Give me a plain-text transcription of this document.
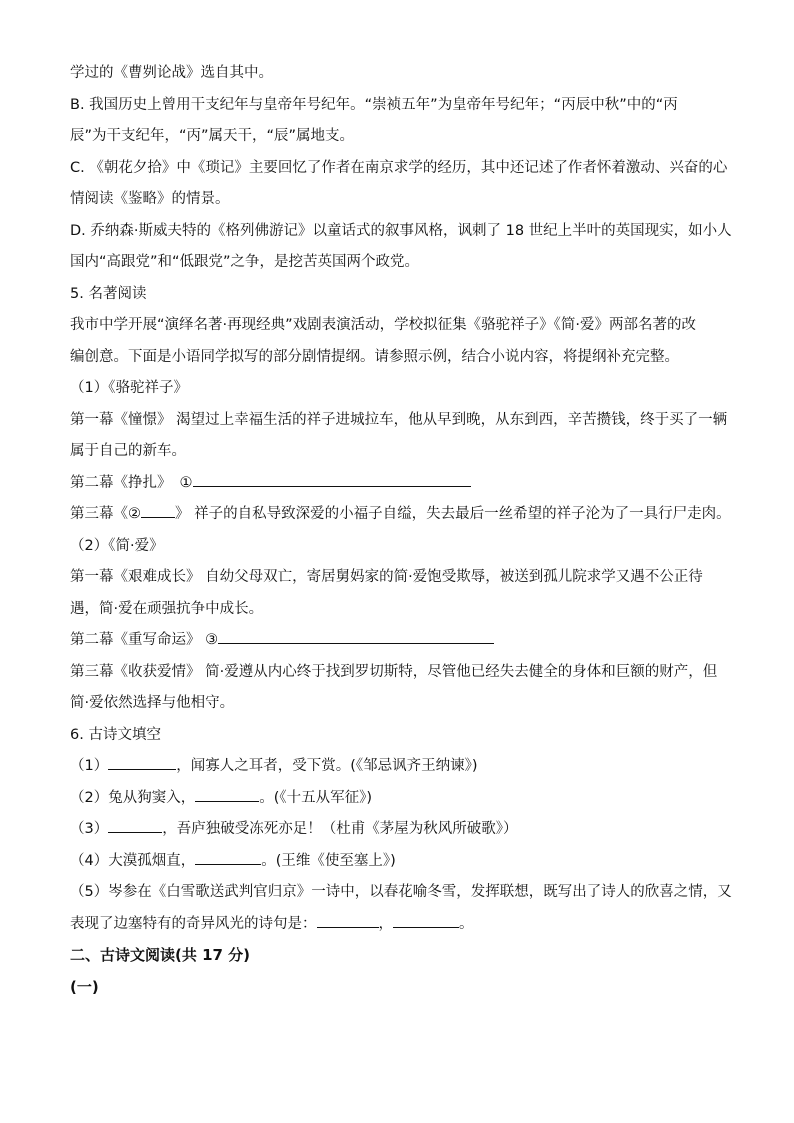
学过的《曹刿论战》选自其中。
B. 我国历史上曾用干支纪年与皇帝年号纪年。“崇祯五年”为皇帝年号纪年；“丙辰中秋”中的“丙
辰”为干支纪年，“丙”属天干，“辰”属地支。
C. 《朝花夕拾》中《琐记》主要回忆了作者在南京求学的经历，其中还记述了作者怀着激动、兴奋的心
情阅读《鉴略》的情景。
D. 乔纳森·斯威夫特的《格列佛游记》以童话式的叙事风格，讽刺了 18 世纪上半叶的英国现实，如小人
国内“高跟党”和“低跟党”之争，是挖苦英国两个政党。
5. 名著阅读
我市中学开展“演绎名著·再现经典”戏剧表演活动，学校拟征集《骆驼祥子》《简·爱》两部名著的改
编创意。下面是小语同学拟写的部分剧情提纲。请参照示例，结合小说内容，将提纲补充完整。
（1）《骆驼祥子》
第一幕《憧憬》 渴望过上幸福生活的祥子进城拉车，他从早到晚，从东到西，辛苦攒钱，终于买了一辆
属于自己的新车。
第二幕《挣扎》 ①
第三幕《② 》 祥子的自私导致深爱的小福子自缢，失去最后一丝希望的祥子沦为了一具行尸走肉。
（2）《简·爱》
第一幕《艰难成长》 自幼父母双亡，寄居舅妈家的简·爱饱受欺辱，被送到孤儿院求学又遇不公正待
遇，简·爱在顽强抗争中成长。
第二幕《重写命运》 ③
第三幕《收获爱情》 简·爱遵从内心终于找到罗切斯特，尽管他已经失去健全的身体和巨额的财产，但
简·爱依然选择与他相守。
6. 古诗文填空
（1）	，闻寡人之耳者，受下赏。(《邹忌讽齐王纳谏》)
（2）兔从狗窦入，	。(《十五从军征》)
（3）	，吾庐独破受冻死亦足！（杜甫《茅屋为秋风所破歌》）
（4）大漠孤烟直，	。(王维《使至塞上》)
（5）岑参在《白雪歌送武判官归京》一诗中，以春花喻冬雪，发挥联想，既写出了诗人的欣喜之情，又
表现了边塞特有的奇异风光的诗句是：	，	。
二、古诗文阅读(共 17 分)
(一)
